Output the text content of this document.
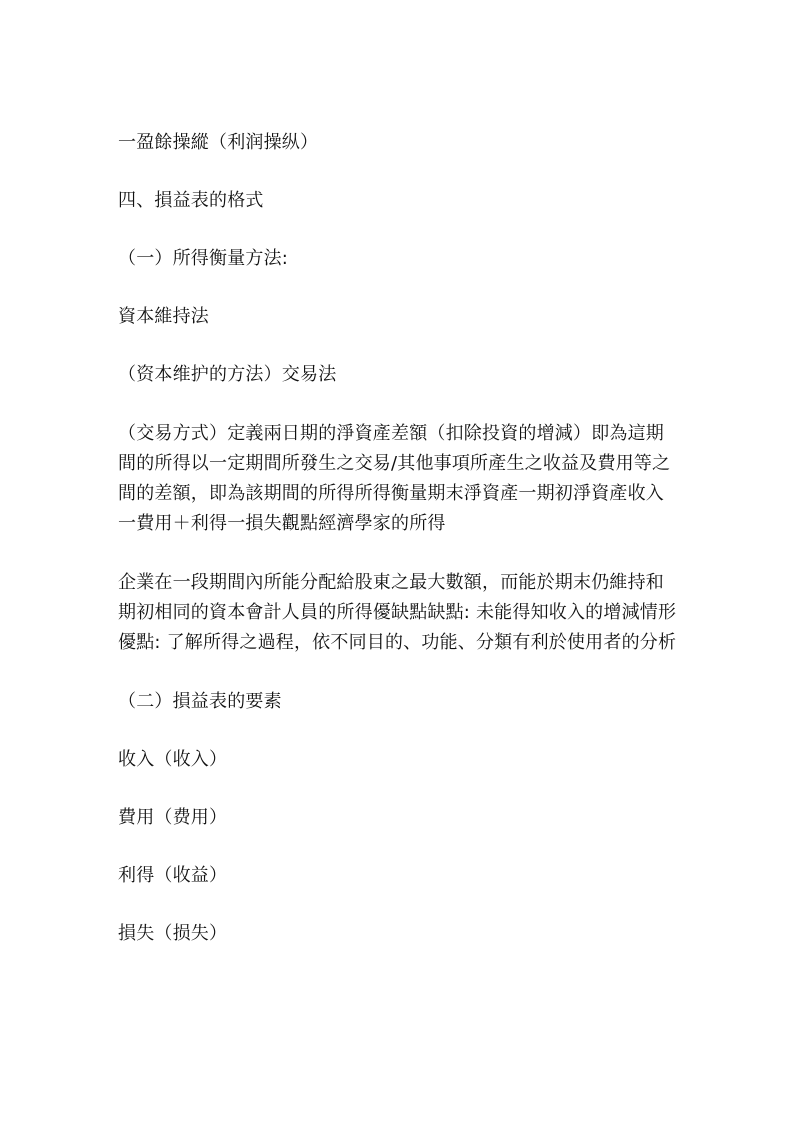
一盈餘操縱（利润操纵）

四、損益表的格式

（一）所得衡量方法:

資本維持法

（资本维护的方法）交易法

（交易方式）定義兩日期的淨資產差額（扣除投資的增減）即為這期間的所得以一定期間所發生之交易/其他事項所產生之收益及費用等之間的差額，即為該期間的所得所得衡量期末淨資產一期初淨資產收入一費用＋利得一損失觀點經濟學家的所得

企業在一段期間內所能分配給股東之最大數額，而能於期末仍維持和期初相同的資本會計人員的所得優缺點缺點: 未能得知收入的增減情形優點: 了解所得之過程，依不同目的、功能、分類有利於使用者的分析

（二）損益表的要素

收入（收入）

費用（费用）

利得（收益）

損失（损失）
